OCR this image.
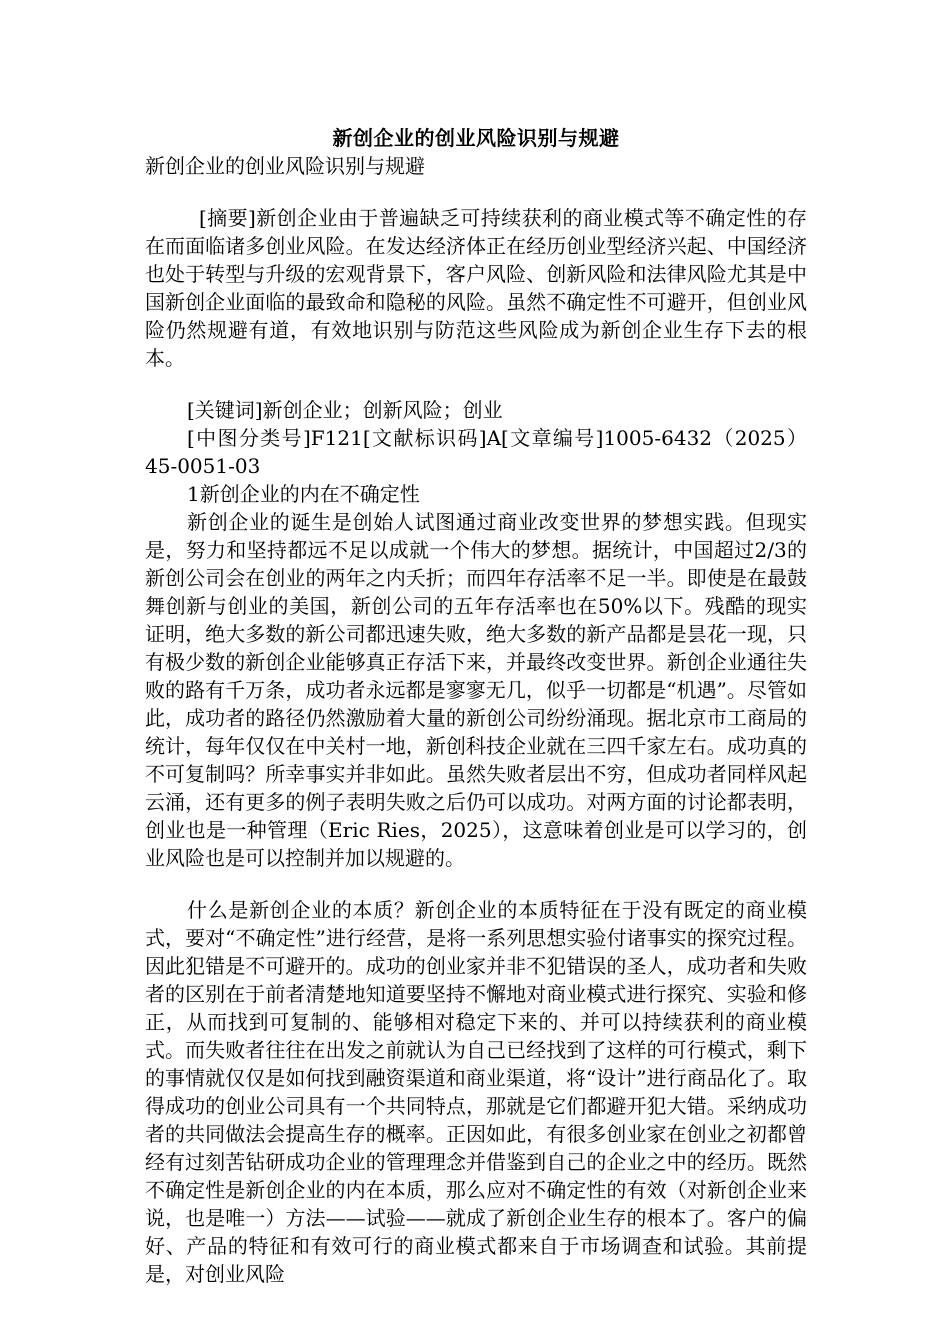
新创企业的创业风险识别与规避
新创企业的创业风险识别与规避

[摘要]新创企业由于普遍缺乏可持续获利的商业模式等不确定性的存在而面临诸多创业风险。在发达经济体正在经历创业型经济兴起、中国经济也处于转型与升级的宏观背景下，客户风险、创新风险和法律风险尤其是中国新创企业面临的最致命和隐秘的风险。虽然不确定性不可避开，但创业风险仍然规避有道，有效地识别与防范这些风险成为新创企业生存下去的根本。

[关键词]新创企业；创新风险；创业

[中图分类号]F121[文献标识码]A[文章编号]1005-6432（2025）45-0051-03

1新创企业的内在不确定性

新创企业的诞生是创始人试图通过商业改变世界的梦想实践。但现实是，努力和坚持都远不足以成就一个伟大的梦想。据统计，中国超过2/3的新创公司会在创业的两年之内夭折；而四年存活率不足一半。即使是在最鼓舞创新与创业的美国，新创公司的五年存活率也在50%以下。残酷的现实证明，绝大多数的新公司都迅速失败，绝大多数的新产品都是昙花一现，只有极少数的新创企业能够真正存活下来，并最终改变世界。新创企业通往失败的路有千万条，成功者永远都是寥寥无几，似乎一切都是“机遇”。尽管如此，成功者的路径仍然激励着大量的新创公司纷纷涌现。据北京市工商局的统计，每年仅仅在中关村一地，新创科技企业就在三四千家左右。成功真的不可复制吗？所幸事实并非如此。虽然失败者层出不穷，但成功者同样风起云涌，还有更多的例子表明失败之后仍可以成功。对两方面的讨论都表明，创业也是一种管理（Eric Ries，2025），这意味着创业是可以学习的，创业风险也是可以控制并加以规避的。

什么是新创企业的本质？新创企业的本质特征在于没有既定的商业模式，要对“不确定性”进行经营，是将一系列思想实验付诸事实的探究过程。因此犯错是不可避开的。成功的创业家并非不犯错误的圣人，成功者和失败者的区别在于前者清楚地知道要坚持不懈地对商业模式进行探究、实验和修正，从而找到可复制的、能够相对稳定下来的、并可以持续获利的商业模式。而失败者往往在出发之前就认为自己已经找到了这样的可行模式，剩下的事情就仅仅是如何找到融资渠道和商业渠道，将“设计”进行商品化了。取得成功的创业公司具有一个共同特点，那就是它们都避开犯大错。采纳成功者的共同做法会提高生存的概率。正因如此，有很多创业家在创业之初都曾经有过刻苦钻研成功企业的管理理念并借鉴到自己的企业之中的经历。既然不确定性是新创企业的内在本质，那么应对不确定性的有效（对新创企业来说，也是唯一）方法——试验——就成了新创企业生存的根本了。客户的偏好、产品的特征和有效可行的商业模式都来自于市场调查和试验。其前提是，对创业风险
